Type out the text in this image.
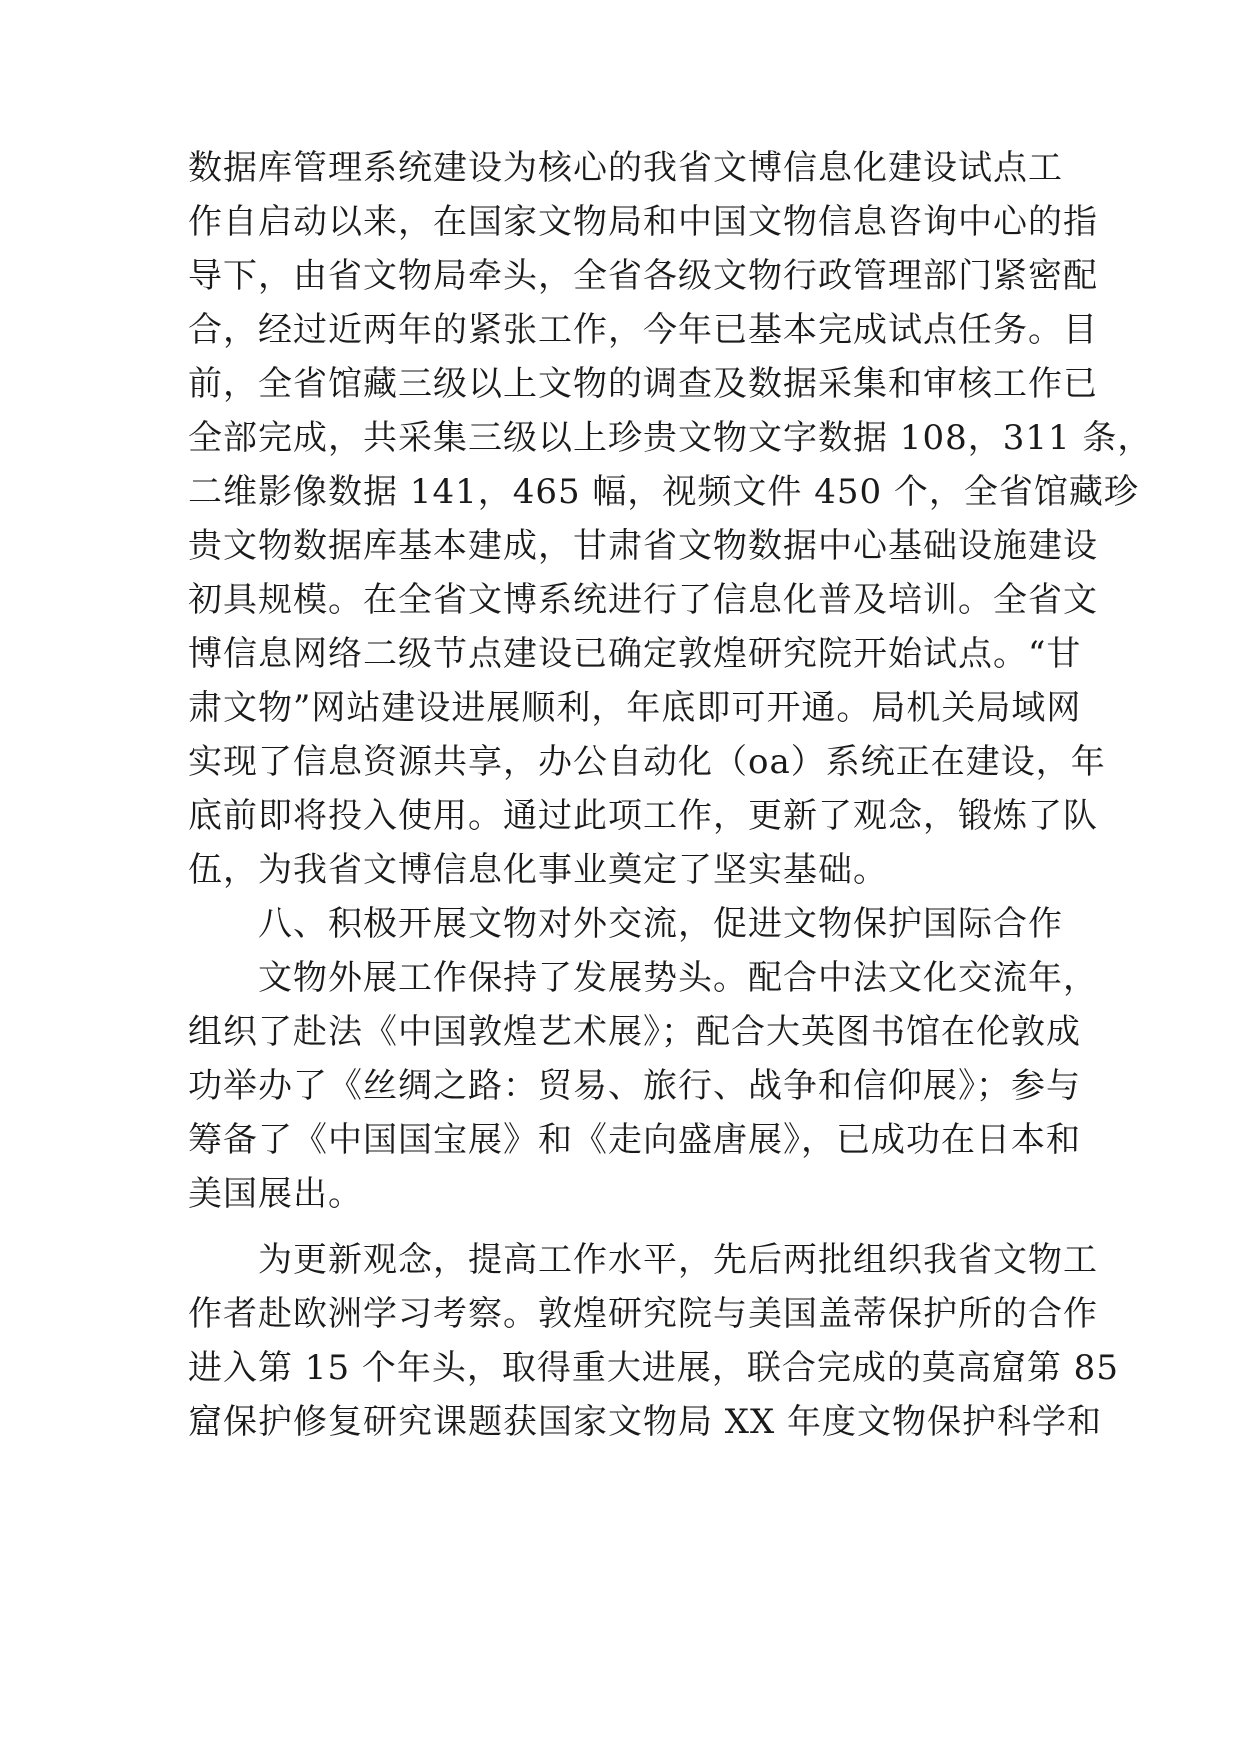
数据库管理系统建设为核心的我省文博信息化建设试点工
作自启动以来，在国家文物局和中国文物信息咨询中心的指
导下，由省文物局牵头，全省各级文物行政管理部门紧密配
合，经过近两年的紧张工作，今年已基本完成试点任务。目
前，全省馆藏三级以上文物的调查及数据采集和审核工作已
全部完成，共采集三级以上珍贵文物文字数据 108，311 条，
二维影像数据 141，465 幅，视频文件 450 个，全省馆藏珍
贵文物数据库基本建成，甘肃省文物数据中心基础设施建设
初具规模。在全省文博系统进行了信息化普及培训。全省文
博信息网络二级节点建设已确定敦煌研究院开始试点。“甘
肃文物”网站建设进展顺利，年底即可开通。局机关局域网
实现了信息资源共享，办公自动化（oa）系统正在建设，年
底前即将投入使用。通过此项工作，更新了观念，锻炼了队
伍，为我省文博信息化事业奠定了坚实基础。
八、积极开展文物对外交流，促进文物保护国际合作
文物外展工作保持了发展势头。配合中法文化交流年，
组织了赴法《中国敦煌艺术展》；配合大英图书馆在伦敦成
功举办了《丝绸之路：贸易、旅行、战争和信仰展》；参与
筹备了《中国国宝展》和《走向盛唐展》，已成功在日本和
美国展出。
为更新观念，提高工作水平，先后两批组织我省文物工
作者赴欧洲学习考察。敦煌研究院与美国盖蒂保护所的合作
进入第 15 个年头，取得重大进展，联合完成的莫高窟第 85
窟保护修复研究课题获国家文物局 XX 年度文物保护科学和
